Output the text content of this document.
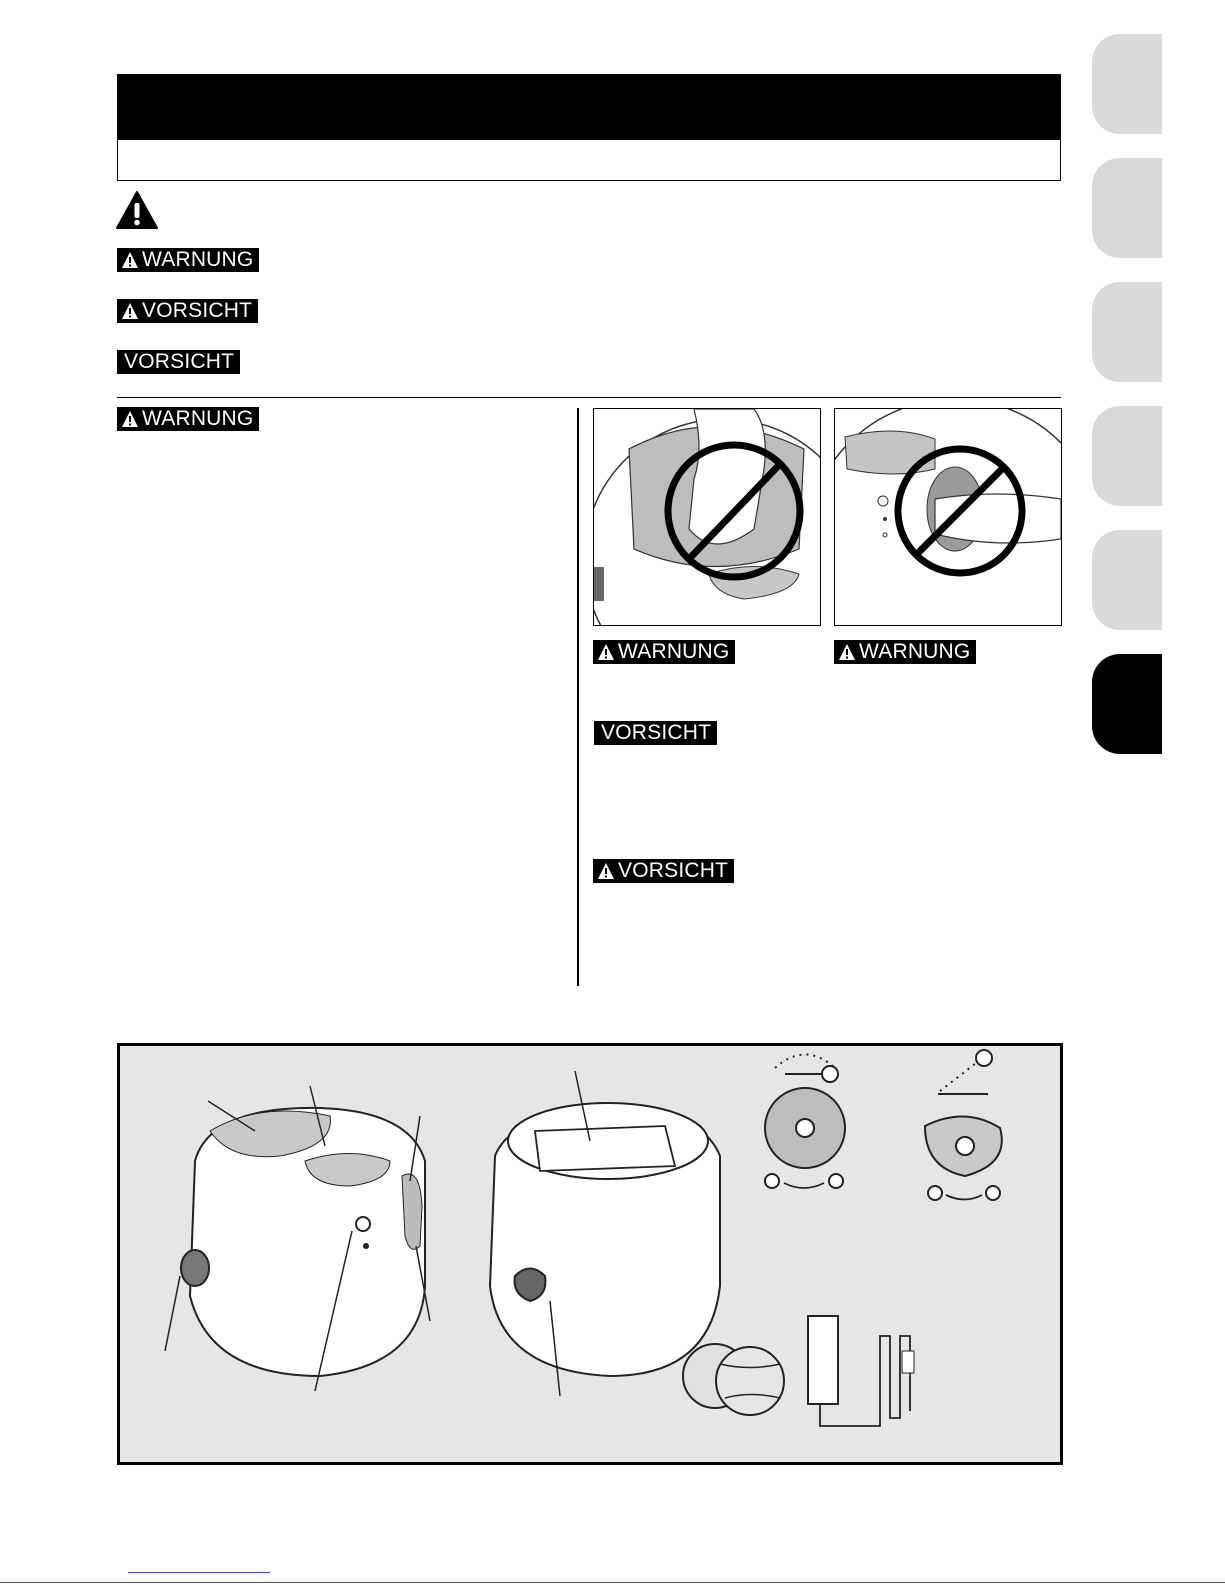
WARNUNG
VORSICHT
VORSICHT
WARNUNG
WARNUNG	WARNUNG
VORSICHT
VORSICHT
